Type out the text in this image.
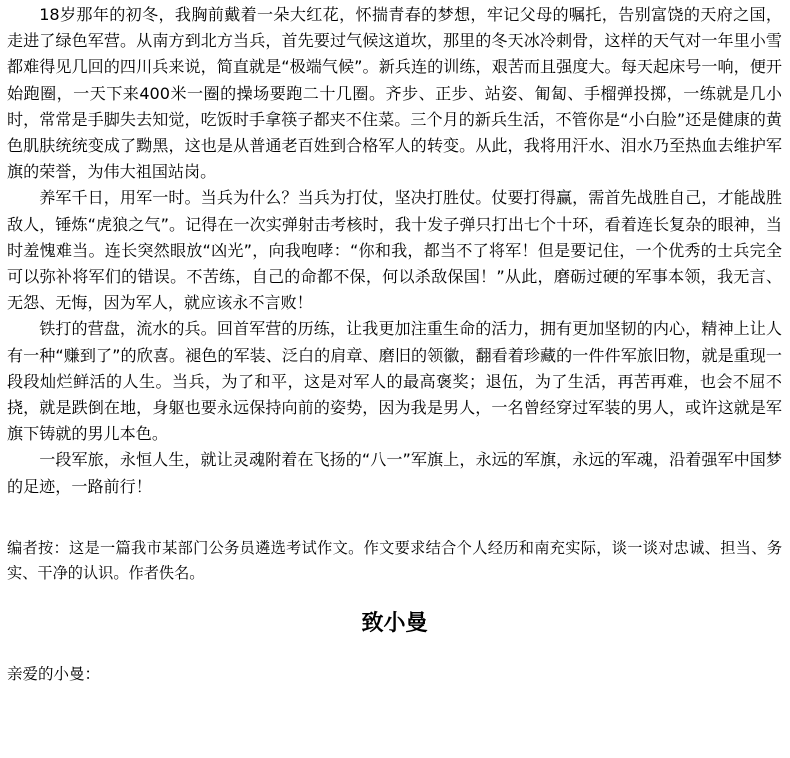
18岁那年的初冬，我胸前戴着一朵大红花，怀揣青春的梦想，牢记父母的嘱托，告别富饶的天府之国，走进了绿色军营。从南方到北方当兵，首先要过气候这道坎，那里的冬天冰冷刺骨，这样的天气对一年里小雪都难得见几回的四川兵来说，简直就是“极端气候”。新兵连的训练，艰苦而且强度大。每天起床号一响，便开始跑圈，一天下来400米一圈的操场要跑二十几圈。齐步、正步、站姿、匍匐、手榴弹投掷，一练就是几小时，常常是手脚失去知觉，吃饭时手拿筷子都夹不住菜。三个月的新兵生活，不管你是“小白脸”还是健康的黄色肌肤统统变成了黝黑，这也是从普通老百姓到合格军人的转变。从此，我将用汗水、泪水乃至热血去维护军旗的荣誉，为伟大祖国站岗。

养军千日，用军一时。当兵为什么？当兵为打仗，坚决打胜仗。仗要打得赢，需首先战胜自己，才能战胜敌人，锤炼“虎狼之气”。记得在一次实弹射击考核时，我十发子弹只打出七个十环，看着连长复杂的眼神，当时羞愧难当。连长突然眼放“凶光”，向我咆哮：“你和我，都当不了将军！但是要记住，一个优秀的士兵完全可以弥补将军们的错误。不苦练，自己的命都不保，何以杀敌保国！”从此，磨砺过硬的军事本领，我无言、无怨、无悔，因为军人，就应该永不言败！

铁打的营盘，流水的兵。回首军营的历练，让我更加注重生命的活力，拥有更加坚韧的内心，精神上让人有一种“赚到了”的欣喜。褪色的军装、泛白的肩章、磨旧的领徽，翻看着珍藏的一件件军旅旧物，就是重现一段段灿烂鲜活的人生。当兵，为了和平，这是对军人的最高褒奖；退伍，为了生活，再苦再难，也会不屈不挠，就是跌倒在地，身躯也要永远保持向前的姿势，因为我是男人，一名曾经穿过军装的男人，或许这就是军旗下铸就的男儿本色。

一段军旅，永恒人生，就让灵魂附着在飞扬的“八一”军旗上，永远的军旗，永远的军魂，沿着强军中国梦的足迹，一路前行！

编者按：这是一篇我市某部门公务员遴选考试作文。作文要求结合个人经历和南充实际，谈一谈对忠诚、担当、务实、干净的认识。作者佚名。

致小曼

亲爱的小曼：
